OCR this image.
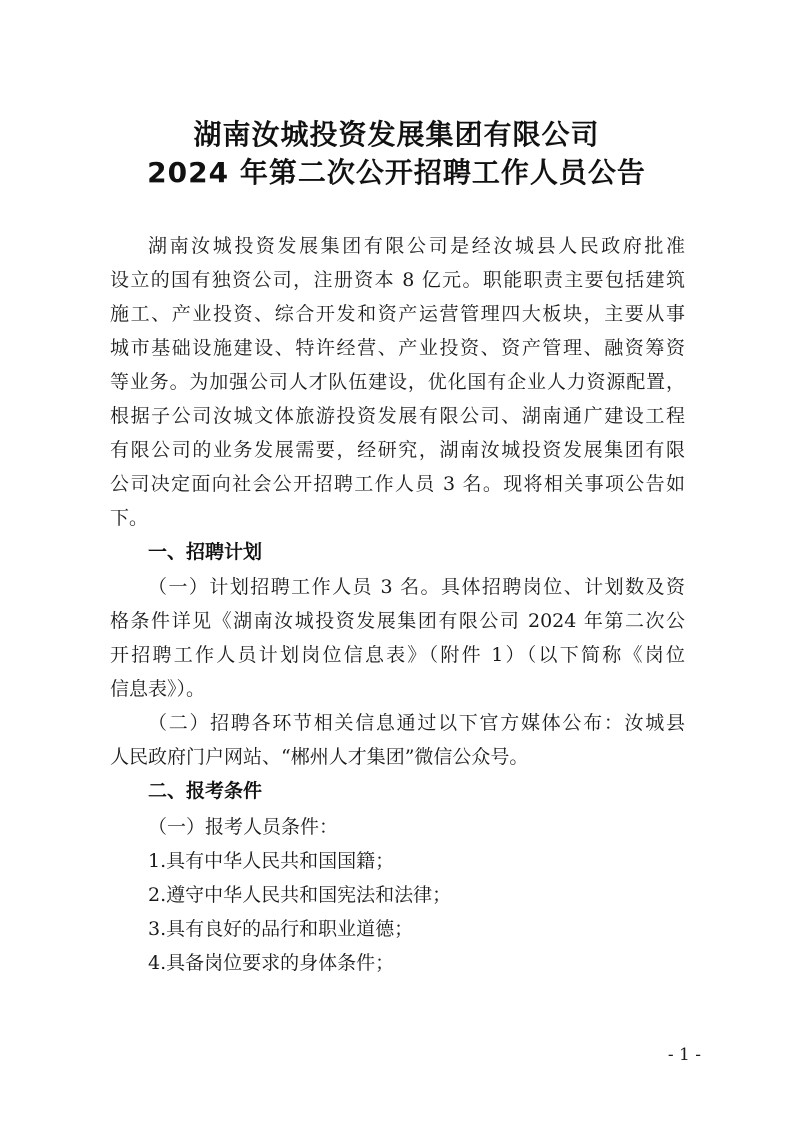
湖南汝城投资发展集团有限公司
2024 年第二次公开招聘工作人员公告
湖南汝城投资发展集团有限公司是经汝城县人民政府批准
设立的国有独资公司，注册资本 8 亿元。职能职责主要包括建筑
施工、产业投资、综合开发和资产运营管理四大板块，主要从事
城市基础设施建设、特许经营、产业投资、资产管理、融资筹资
等业务。为加强公司人才队伍建设，优化国有企业人力资源配置，
根据子公司汝城文体旅游投资发展有限公司、湖南通广建设工程
有限公司的业务发展需要，经研究，湖南汝城投资发展集团有限
公司决定面向社会公开招聘工作人员 3 名。现将相关事项公告如
下。
一、招聘计划
（一）计划招聘工作人员 3 名。具体招聘岗位、计划数及资
格条件详见《湖南汝城投资发展集团有限公司 2024 年第二次公
开招聘工作人员计划岗位信息表》（附件 1）（以下简称《岗位
信息表》）。
（二）招聘各环节相关信息通过以下官方媒体公布：汝城县
人民政府门户网站、“郴州人才集团”微信公众号。
二、报考条件
（一）报考人员条件：
1.具有中华人民共和国国籍；
2.遵守中华人民共和国宪法和法律；
3.具有良好的品行和职业道德；
4.具备岗位要求的身体条件；
- 1 -
